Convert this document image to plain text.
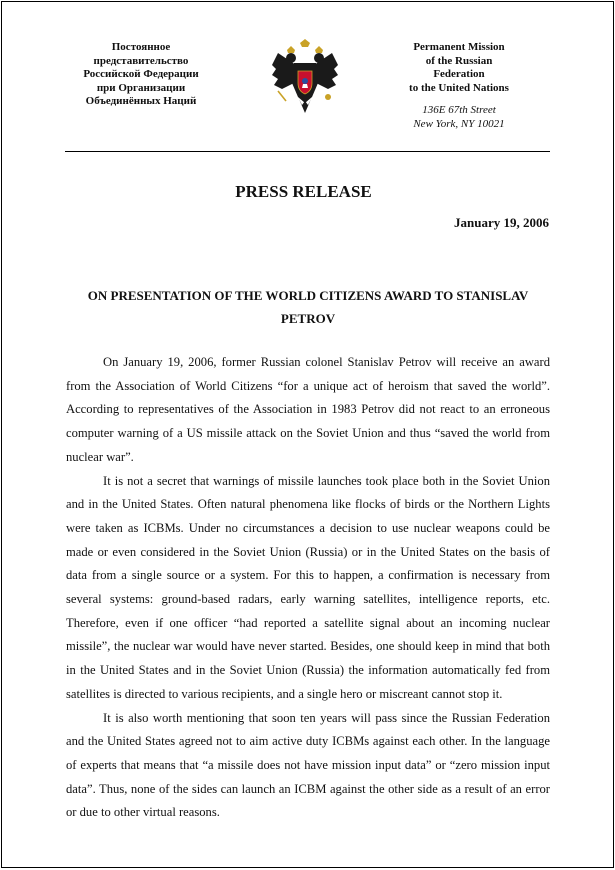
Постоянное
представительство
Российской Федерации
при Организации
Объединённых Наций
Permanent Mission
of the Russian
Federation
to the United Nations
136E 67th Street
New York, NY 10021
PRESS RELEASE
January 19, 2006
ON PRESENTATION OF THE WORLD CITIZENS AWARD TO STANISLAV
PETROV

On January 19, 2006, former Russian colonel Stanislav Petrov will receive an award from the Association of World Citizens “for a unique act of heroism that saved the world”. According to representatives of the Association in 1983 Petrov did not react to an erroneous computer warning of a US missile attack on the Soviet Union and thus “saved the world from nuclear war”.

It is not a secret that warnings of missile launches took place both in the Soviet Union and in the United States. Often natural phenomena like flocks of birds or the Northern Lights were taken as ICBMs. Under no circumstances a decision to use nuclear weapons could be made or even considered in the Soviet Union (Russia) or in the United States on the basis of data from a single source or a system. For this to happen, a confirmation is necessary from several systems: ground-based radars, early warning satellites, intelligence reports, etc. Therefore, even if one officer “had reported a satellite signal about an incoming nuclear missile”, the nuclear war would have never started. Besides, one should keep in mind that both in the United States and in the Soviet Union (Russia) the information automatically fed from satellites is directed to various recipients, and a single hero or miscreant cannot stop it.

It is also worth mentioning that soon ten years will pass since the Russian Federation and the United States agreed not to aim active duty ICBMs against each other. In the language of experts that means that “a missile does not have mission input data” or “zero mission input data”. Thus, none of the sides can launch an ICBM against the other side as a result of an error or due to other virtual reasons.
